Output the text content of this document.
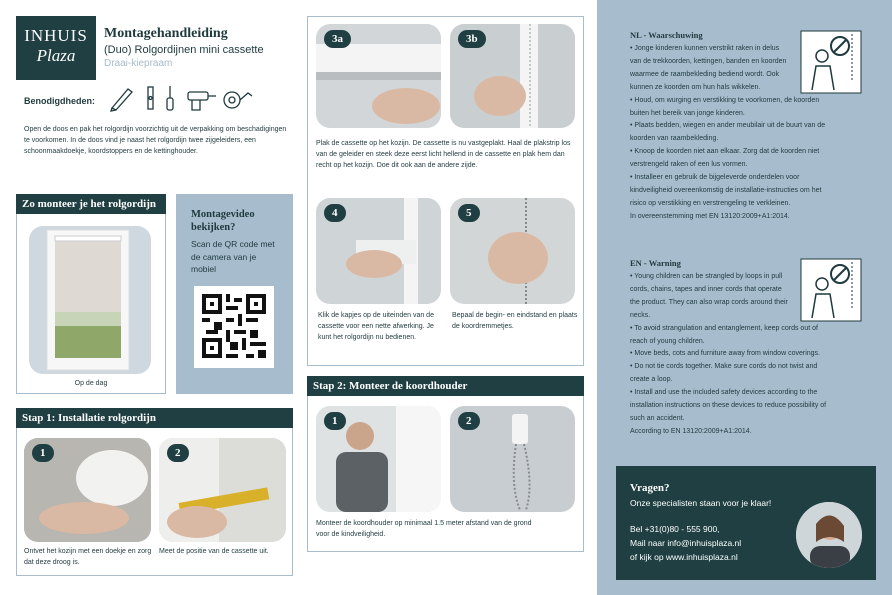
INHUIS
Plaza
Montagehandleiding
(Duo) Rolgordijnen mini cassette
Draai-kiepraam
Benodigdheden:
Open de doos en pak het rolgordijn voorzichtig uit de verpakking om beschadigingen te voorkomen. In de doos vind je naast het rolgordijn twee zijgeleiders, een schoonmaakdoekje, koordstoppers en de kettinghouder.
Zo monteer je het rolgordijn
Op de dag
Montagevideo bekijken?
Scan de QR code met de camera van je mobiel
Stap 1: Installatie rolgordijn
1	2
Ontvet het kozijn met een doekje en zorg dat deze droog is.
Meet de positie van de cassette uit.
3a	3b
Plak de cassette op het kozijn. De cassette is nu vastgeplakt. Haal de plakstrip los van de geleider en steek deze eerst licht hellend in de cassette en plak hem dan recht op het kozijn. Doe dit ook aan de andere zijde.
4	5
Klik de kapjes op de uiteinden van de cassette voor een nette afwerking. Je kunt het rolgordijn nu bedienen.
Bepaal de begin- en eindstand en plaats de koordremmetjes.
Stap 2: Monteer de koordhouder
1	2
Monteer de koordhouder op minimaal 1.5 meter afstand van de grond voor de kindveiligheid.
NL - Waarschuwing

• Jonge kinderen kunnen verstrikt raken in delus van de trekkoorden, kettingen, banden en koorden waarmee de raambekleding bediend wordt. Ook kunnen ze koorden om hun hals wikkelen.

• Houd, om wurging en verstikking te voorkomen, de koorden buiten het bereik van jonge kinderen.

• Plaats bedden, wiegen en ander meubilair uit de buurt van de koorden van raambekleding.

• Knoop de koorden niet aan elkaar. Zorg dat de koorden niet verstrengeld raken of een lus vormen.

• Installeer en gebruik de bijgeleverde onderdelen voor kindveiligheid overeenkomstig de installatie-instructies om het risico op verstikking en verstrengeling te verkleinen.

In overeenstemming met EN 13120:2009+A1:2014.

EN - Warning

• Young children can be strangled by loops in pull cords, chains, tapes and inner cords that operate the product. They can also wrap cords around their necks.

• To avoid strangulation and entanglement, keep cords out of reach of young children.

• Move beds, cots and furniture away from window coverings.

• Do not tie cords together. Make sure cords do not twist and create a loop.

• Install and use the included safety devices according to the installation instructions on these devices to reduce possibility of such an accident.

According to EN 13120:2009+A1:2014.

Vragen?
Onze specialisten staan voor je klaar!
Bel +31(0)80 - 555 900,
Mail naar info@inhuisplaza.nl
of kijk op www.inhuisplaza.nl
